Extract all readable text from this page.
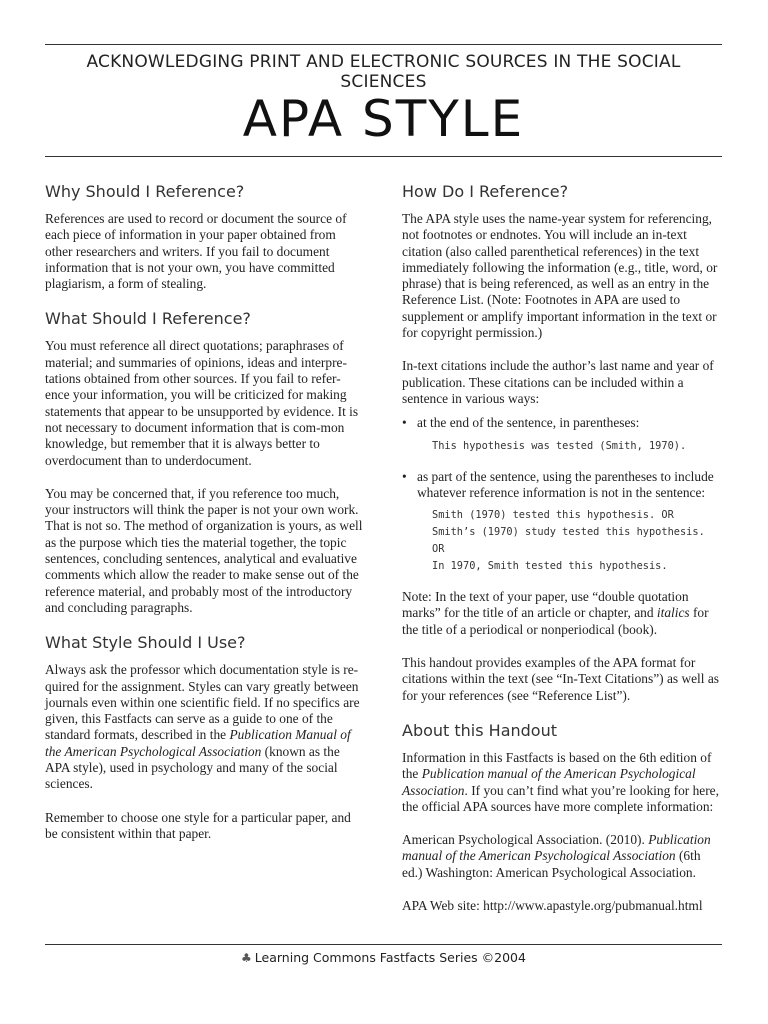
ACKNOWLEDGING PRINT AND ELECTRONIC SOURCES IN THE SOCIAL SCIENCES
APA STYLE
Why Should I Reference?

References are used to record or document the source of each piece of information in your paper obtained from other researchers and writers. If you fail to document information that is not your own, you have committed plagiarism, a form of stealing.

What Should I Reference?

You must reference all direct quotations; paraphrases of material; and summaries of opinions, ideas and interpre-tations obtained from other sources. If you fail to refer-ence your information, you will be criticized for making statements that appear to be unsupported by evidence. It is not necessary to document information that is com-mon knowledge, but remember that it is always better to overdocument than to underdocument.

You may be concerned that, if you reference too much, your instructors will think the paper is not your own work. That is not so. The method of organization is yours, as well as the purpose which ties the material together, the topic sentences, concluding sentences, analytical and evaluative comments which allow the reader to make sense out of the reference material, and probably most of the introductory and concluding paragraphs.

What Style Should I Use?

Always ask the professor which documentation style is re-quired for the assignment. Styles can vary greatly between journals even within one scientific field. If no specifics are given, this Fastfacts can serve as a guide to one of the standard formats, described in the Publication Manual of the American Psychological Association (known as the APA style), used in psychology and many of the social sciences.

Remember to choose one style for a particular paper, and be consistent within that paper.

How Do I Reference?

The APA style uses the name-year system for referencing, not footnotes or endnotes. You will include an in-text citation (also called parenthetical references) in the text immediately following the information (e.g., title, word, or phrase) that is being referenced, as well as an entry in the Reference List. (Note: Footnotes in APA are used to supplement or amplify important information in the text or for copyright permission.)

In-text citations include the author’s last name and year of publication. These citations can be included within a sentence in various ways:

• at the end of the sentence, in parentheses:
This hypothesis was tested (Smith, 1970).
• as part of the sentence, using the parentheses to include whatever reference information is not in the sentence:
Smith (1970) tested this hypothesis. OR
Smith’s (1970) study tested this hypothesis. OR
In 1970, Smith tested this hypothesis.

Note: In the text of your paper, use “double quotation marks” for the title of an article or chapter, and italics for the title of a periodical or nonperiodical (book).

This handout provides examples of the APA format for citations within the text (see “In-Text Citations”) as well as for your references (see “Reference List”).

About this Handout

Information in this Fastfacts is based on the 6th edition of the Publication manual of the American Psychological Association. If you can’t find what you’re looking for here, the official APA sources have more complete information:

American Psychological Association. (2010). Publication manual of the American Psychological Association (6th ed.) Washington: American Psychological Association.

APA Web site: http://www.apastyle.org/pubmanual.html

♣ Learning Commons Fastfacts Series ©2004
